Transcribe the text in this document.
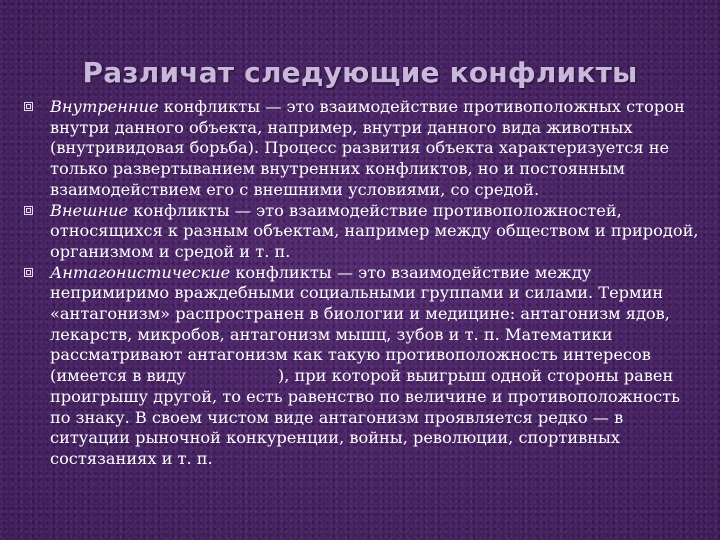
Различат следующие конфликты
Внутренние конфликты — это взаимодействие противоположных сторон внутри данного объекта, например, внутри данного вида животных (внутривидовая борьба). Процесс развития объекта характеризуется не только развертыванием внутренних конфликтов, но и постоянным взаимодействием его с внешними условиями, со средой.
Внешние конфликты — это взаимодействие противоположностей, относящихся к разным объектам, например между обществом и природой, организмом и средой и т. п.
Антагонистические конфликты — это взаимодействие между непримиримо враждебными социальными группами и силами. Термин «антагонизм» распространен в биологии и медицине: антагонизм ядов, лекарств, микробов, антагонизм мышц, зубов и т. п. Математики рассматривают антагонизм как такую противоположность интересов (имеется в виду	), при которой выигрыш одной стороны равен проигрышу другой, то есть равенство по величине и противоположность по знаку. В своем чистом виде антагонизм проявляется редко — в ситуации рыночной конкуренции, войны, революции, спортивных состязаниях и т. п.
